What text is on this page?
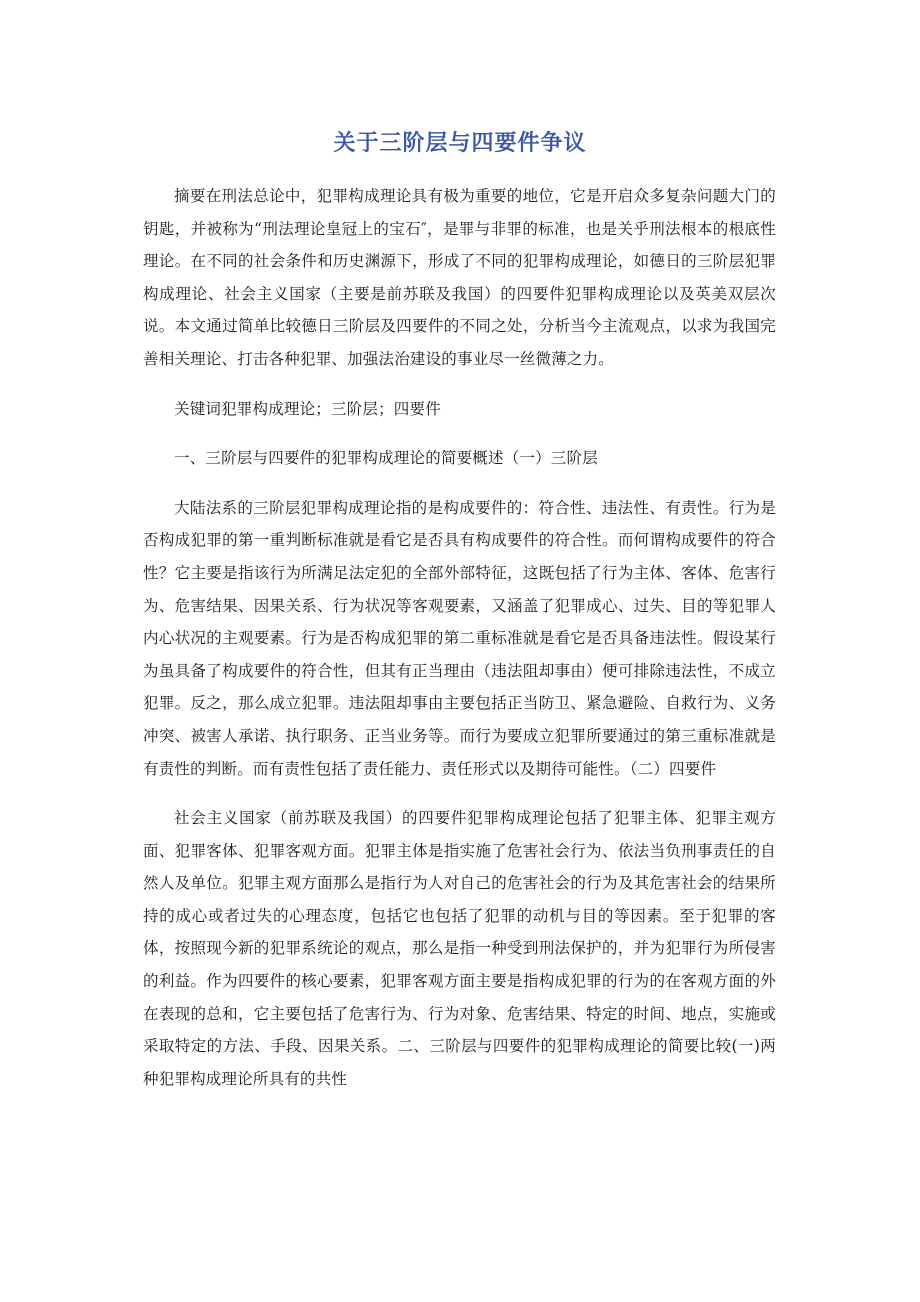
关于三阶层与四要件争议

摘要在刑法总论中，犯罪构成理论具有极为重要的地位，它是开启众多复杂问题大门的钥匙，并被称为“刑法理论皇冠上的宝石″，是罪与非罪的标准，也是关乎刑法根本的根底性理论。在不同的社会条件和历史渊源下，形成了不同的犯罪构成理论，如德日的三阶层犯罪构成理论、社会主义国家（主要是前苏联及我国）的四要件犯罪构成理论以及英美双层次说。本文通过简单比较德日三阶层及四要件的不同之处，分析当今主流观点，以求为我国完善相关理论、打击各种犯罪、加强法治建设的事业尽一丝微薄之力。

关键词犯罪构成理论；三阶层；四要件

一、三阶层与四要件的犯罪构成理论的简要概述（一）三阶层

大陆法系的三阶层犯罪构成理论指的是构成要件的：符合性、违法性、有责性。行为是否构成犯罪的第一重判断标准就是看它是否具有构成要件的符合性。而何谓构成要件的符合性？它主要是指该行为所满足法定犯的全部外部特征，这既包括了行为主体、客体、危害行为、危害结果、因果关系、行为状况等客观要素，又涵盖了犯罪成心、过失、目的等犯罪人内心状况的主观要素。行为是否构成犯罪的第二重标准就是看它是否具备违法性。假设某行为虽具备了构成要件的符合性，但其有正当理由（违法阻却事由）便可排除违法性，不成立犯罪。反之，那么成立犯罪。违法阻却事由主要包括正当防卫、紧急避险、自救行为、义务冲突、被害人承诺、执行职务、正当业务等。而行为要成立犯罪所要通过的第三重标准就是有责性的判断。而有责性包括了责任能力、责任形式以及期待可能性。（二）四要件

社会主义国家（前苏联及我国）的四要件犯罪构成理论包括了犯罪主体、犯罪主观方面、犯罪客体、犯罪客观方面。犯罪主体是指实施了危害社会行为、依法当负刑事责任的自然人及单位。犯罪主观方面那么是指行为人对自己的危害社会的行为及其危害社会的结果所持的成心或者过失的心理态度，包括它也包括了犯罪的动机与目的等因素。至于犯罪的客体，按照现今新的犯罪系统论的观点，那么是指一种受到刑法保护的，并为犯罪行为所侵害的利益。作为四要件的核心要素，犯罪客观方面主要是指构成犯罪的行为的在客观方面的外在表现的总和，它主要包括了危害行为、行为对象、危害结果、特定的时间、地点，实施或采取特定的方法、手段、因果关系。二、三阶层与四要件的犯罪构成理论的简要比较(一)两种犯罪构成理论所具有的共性
